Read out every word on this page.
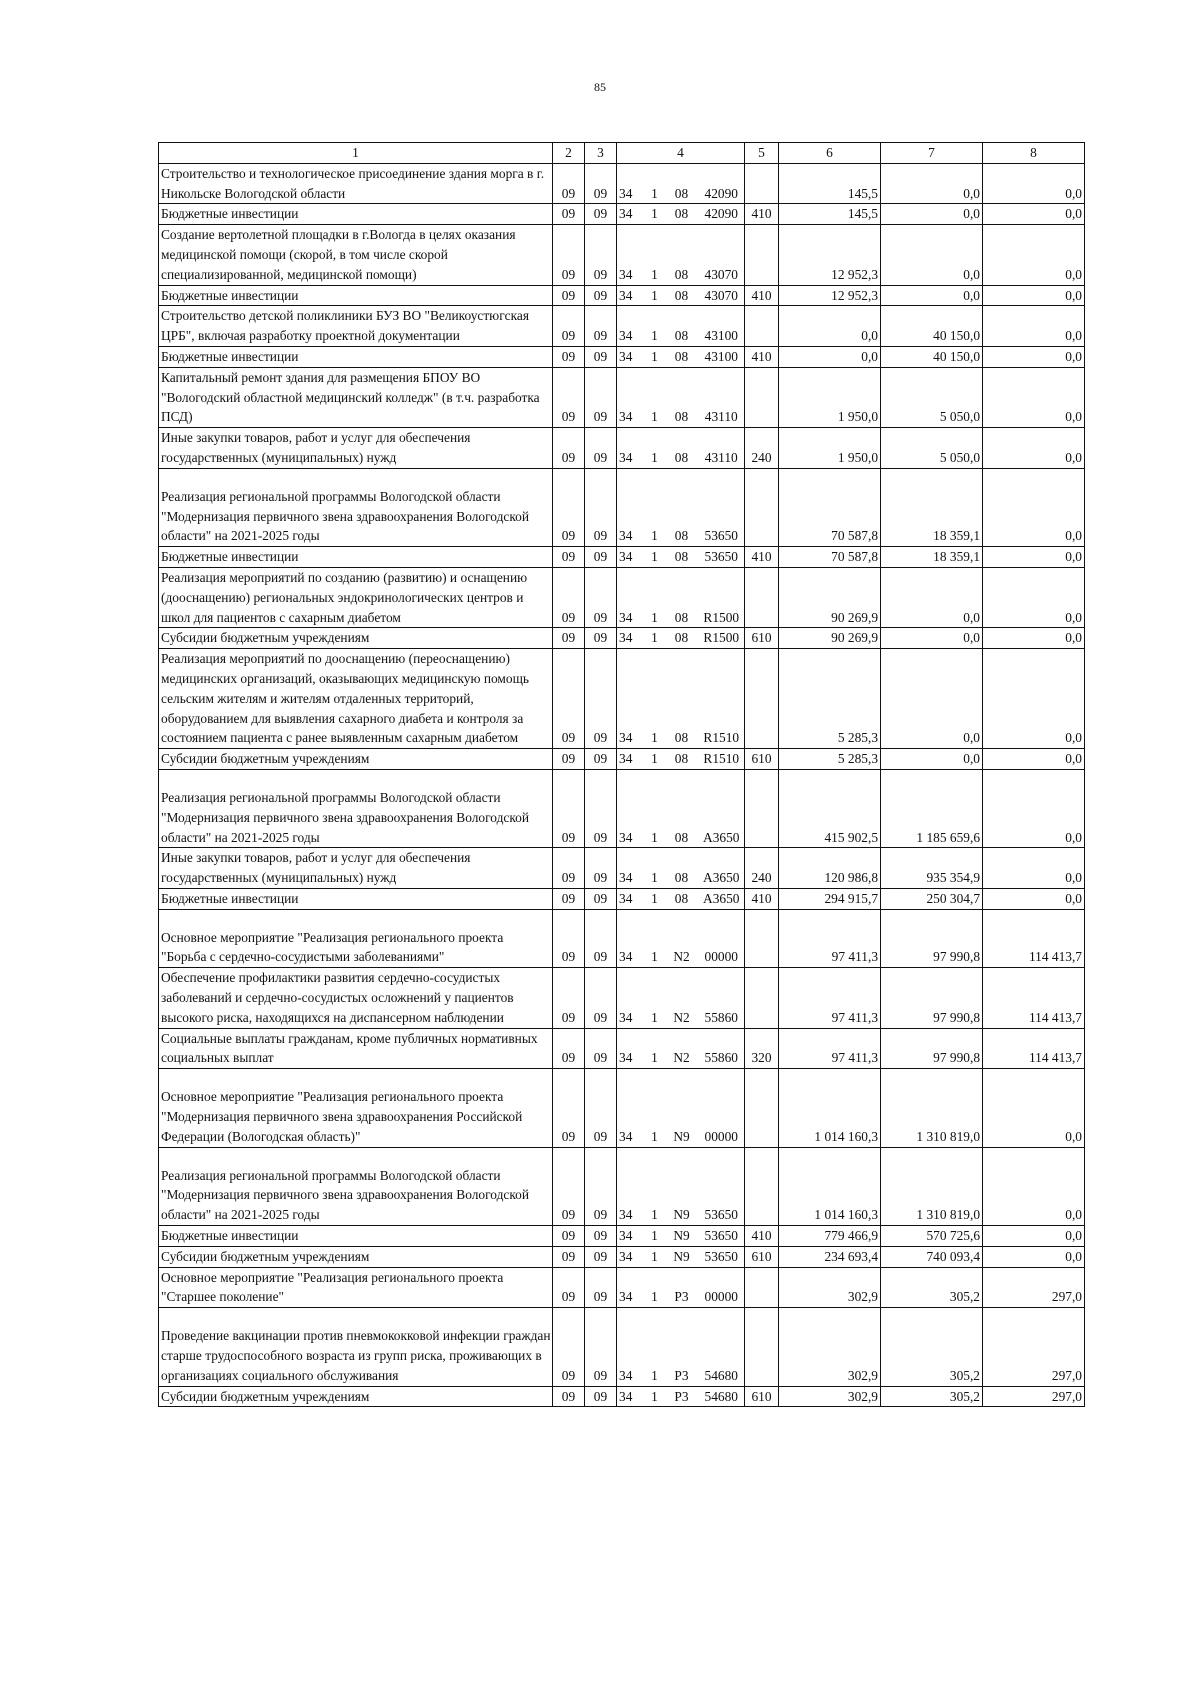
85
1	2	3	4				5	6	7	8
Строительство и технологическое присоединение здания морга в г. Никольске Вологодской области	09	09	34	1	08	42090		145,5	0,0	0,0
Бюджетные инвестиции	09	09	34	1	08	42090	410	145,5	0,0	0,0
Создание вертолетной площадки в г.Вологда в целях оказания медицинской помощи (скорой, в том числе скорой специализированной, медицинской помощи)	09	09	34	1	08	43070		12 952,3	0,0	0,0
Бюджетные инвестиции	09	09	34	1	08	43070	410	12 952,3	0,0	0,0
Строительство детской поликлиники БУЗ ВО "Великоустюгская ЦРБ", включая разработку проектной документации	09	09	34	1	08	43100		0,0	40 150,0	0,0
Бюджетные инвестиции	09	09	34	1	08	43100	410	0,0	40 150,0	0,0
Капитальный ремонт здания для размещения БПОУ ВО "Вологодский областной медицинский колледж" (в т.ч. разработка ПСД)	09	09	34	1	08	43110		1 950,0	5 050,0	0,0
Иные закупки товаров, работ и услуг для обеспечения государственных (муниципальных) нужд	09	09	34	1	08	43110	240	1 950,0	5 050,0	0,0
Реализация региональной программы Вологодской области "Модернизация первичного звена здравоохранения Вологодской области" на 2021-2025 годы	09	09	34	1	08	53650		70 587,8	18 359,1	0,0
Бюджетные инвестиции	09	09	34	1	08	53650	410	70 587,8	18 359,1	0,0
Реализация мероприятий по созданию (развитию) и оснащению (дооснащению) региональных эндокринологических центров и школ для пациентов с сахарным диабетом	09	09	34	1	08	R1500		90 269,9	0,0	0,0
Субсидии бюджетным учреждениям	09	09	34	1	08	R1500	610	90 269,9	0,0	0,0
Реализация мероприятий по дооснащению (переоснащению) медицинских организаций, оказывающих медицинскую помощь сельским жителям и жителям отдаленных территорий, оборудованием для выявления сахарного диабета и контроля за состоянием пациента с ранее выявленным сахарным диабетом	09	09	34	1	08	R1510		5 285,3	0,0	0,0
Субсидии бюджетным учреждениям	09	09	34	1	08	R1510	610	5 285,3	0,0	0,0
Реализация региональной программы Вологодской области "Модернизация первичного звена здравоохранения Вологодской области" на 2021-2025 годы	09	09	34	1	08	A3650		415 902,5	1 185 659,6	0,0
Иные закупки товаров, работ и услуг для обеспечения государственных (муниципальных) нужд	09	09	34	1	08	A3650	240	120 986,8	935 354,9	0,0
Бюджетные инвестиции	09	09	34	1	08	A3650	410	294 915,7	250 304,7	0,0
Основное мероприятие "Реализация регионального проекта "Борьба с сердечно-сосудистыми заболеваниями"	09	09	34	1	N2	00000		97 411,3	97 990,8	114 413,7
Обеспечение профилактики развития сердечно-сосудистых заболеваний и сердечно-сосудистых осложнений у пациентов высокого риска, находящихся на диспансерном наблюдении	09	09	34	1	N2	55860		97 411,3	97 990,8	114 413,7
Социальные выплаты гражданам, кроме публичных нормативных социальных выплат	09	09	34	1	N2	55860	320	97 411,3	97 990,8	114 413,7
Основное мероприятие "Реализация регионального проекта "Модернизация первичного звена здравоохранения Российской Федерации (Вологодская область)"	09	09	34	1	N9	00000		1 014 160,3	1 310 819,0	0,0
Реализация региональной программы Вологодской области "Модернизация первичного звена здравоохранения Вологодской области" на 2021-2025 годы	09	09	34	1	N9	53650		1 014 160,3	1 310 819,0	0,0
Бюджетные инвестиции	09	09	34	1	N9	53650	410	779 466,9	570 725,6	0,0
Субсидии бюджетным учреждениям	09	09	34	1	N9	53650	610	234 693,4	740 093,4	0,0
Основное мероприятие "Реализация регионального проекта "Старшее поколение"	09	09	34	1	P3	00000		302,9	305,2	297,0
Проведение вакцинации против пневмококковой инфекции граждан старше трудоспособного возраста из групп риска, проживающих в организациях социального обслуживания	09	09	34	1	P3	54680		302,9	305,2	297,0
Субсидии бюджетным учреждениям	09	09	34	1	P3	54680	610	302,9	305,2	297,0
